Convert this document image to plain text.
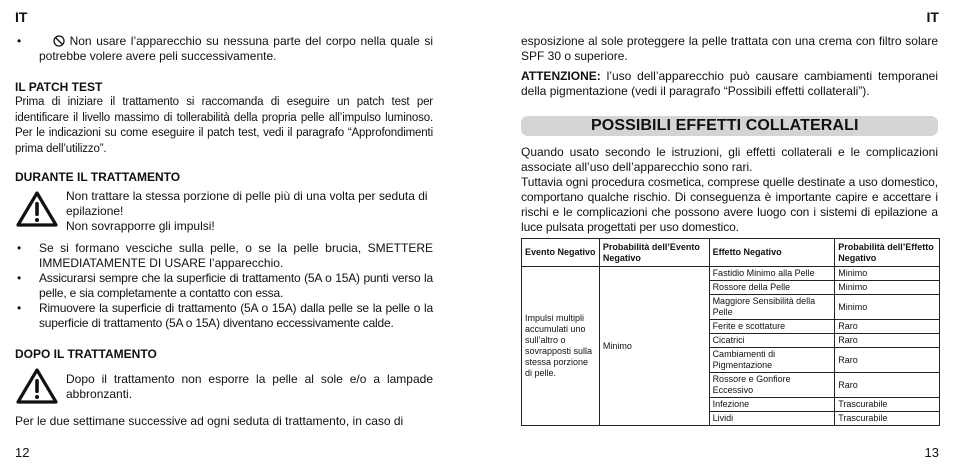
IT
•	Non usare l’apparecchio su nessuna parte del corpo nella quale si potrebbe volere avere peli successivamente.

IL PATCH TEST

Prima di iniziare il trattamento si raccomanda di eseguire un patch test per identificare il livello massimo di tollerabilità della propria pelle all’impulso luminoso. Per le indicazioni su come eseguire il patch test, vedi il paragrafo “Approfondimenti prima dell’utilizzo”.

DURANTE IL TRATTAMENTO

Non trattare la stessa porzione di pelle più di una volta per seduta di epilazione!

Non sovrapporre gli impulsi!

• Se si formano vesciche sulla pelle, o se la pelle brucia, SMETTERE IMMEDIATAMENTE DI USARE l’apparecchio.
• Assicurarsi sempre che la superficie di trattamento (5A o 15A) punti verso la pelle, e sia completamente a contatto con essa.
• Rimuovere la superficie di trattamento (5A o 15A) dalla pelle se la pelle o la superficie di trattamento (5A o 15A) diventano eccessivamente calde.

DOPO IL TRATTAMENTO

Dopo il trattamento non esporre la pelle al sole e/o a lampade abbronzanti.

Per le due settimane successive ad ogni seduta di trattamento, in caso di

12
IT

esposizione al sole proteggere la pelle trattata con una crema con filtro solare SPF 30 o superiore.

ATTENZIONE: l’uso dell’apparecchio può causare cambiamenti temporanei della pigmentazione (vedi il paragrafo “Possibili effetti collaterali”).

13
POSSIBILI EFFETTI COLLATERALI

Quando usato secondo le istruzioni, gli effetti collaterali e le complicazioni associate all’uso dell’apparecchio sono rari.

Tuttavia ogni procedura cosmetica, comprese quelle destinate a uso domestico, comportano qualche rischio. Di conseguenza è importante capire e accettare i rischi e le complicazioni che possono avere luogo con i sistemi di epilazione a luce pulsata progettati per uso domestico.

Evento Negativo	Probabilità dell’Evento Negativo	Effetto Negativo	Probabilità dell’Effetto Negativo
Impulsi multipli accumulati uno sull’altro o sovrapposti sulla stessa porzione di pelle.	Minimo	Fastidio Minimo alla Pelle	Minimo
		Rossore della Pelle	Minimo
		Maggiore Sensibilità della Pelle	Minimo
		Ferite e scottature	Raro
		Cicatrici	Raro
		Cambiamenti di Pigmentazione	Raro
		Rossore e Gonfiore Eccessivo	Raro
		Infezione	Trascurabile
		Lividi	Trascurabile
